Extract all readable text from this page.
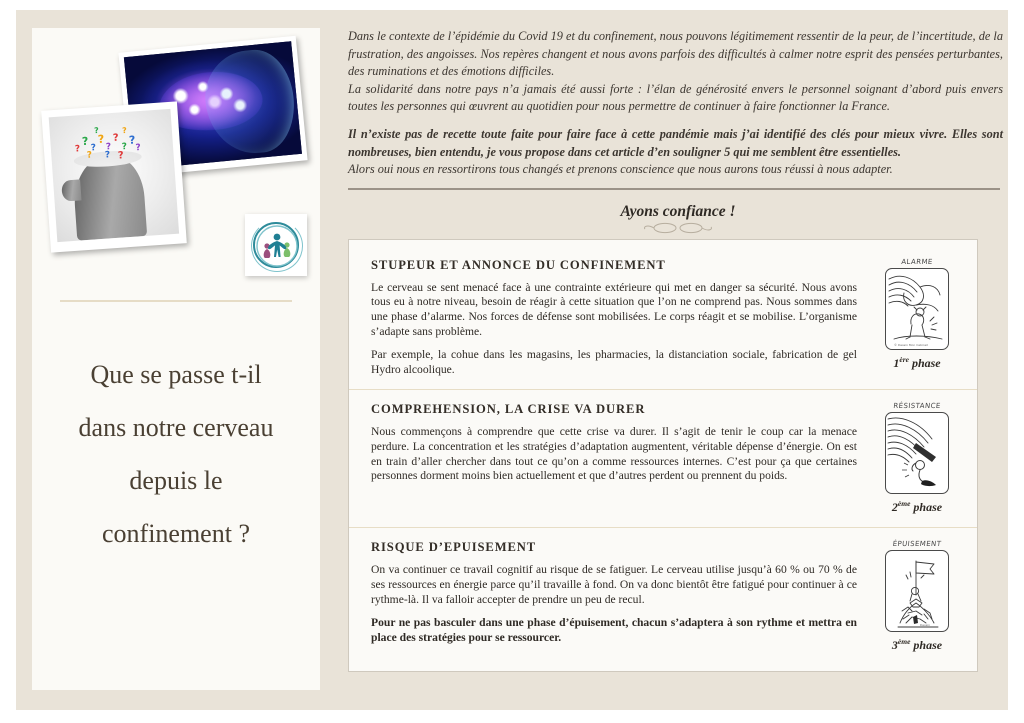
?
?
?
?
?
?
?
?
? ? ?
?
?	?
Que se passe t-il
dans notre cerveau
depuis le
confinement ?

Dans le contexte de l’épidémie du Covid 19 et du confinement, nous pouvons légitimement ressentir de la peur, de l’incertitude, de la frustration, des angoisses. Nos repères changent et nous avons parfois des difficultés à calmer notre esprit des pensées perturbantes, des ruminations et des émotions difficiles.

La solidarité dans notre pays n’a jamais été aussi forte : l’élan de générosité envers le personnel soignant d’abord puis envers toutes les personnes qui œuvrent au quotidien pour nous permettre de continuer à faire fonctionner la France.

Il n’existe pas de recette toute faite pour faire face à cette pandémie mais j’ai identifié des clés pour mieux vivre. Elles sont nombreuses, bien entendu, je vous propose dans cet article d’en souligner 5 qui me semblent être essentielles.

Alors oui nous en ressortirons tous changés et prenons conscience que nous aurons tous réussi à nous adapter.

Ayons confiance !
STUPEUR ET ANNONCE DU CONFINEMENT

Le cerveau se sent menacé face à une contrainte extérieure qui met en danger sa sécurité. Nous avons tous eu à notre niveau, besoin de réagir à cette situation que l’on ne comprend pas. Nous sommes dans une phase d’alarme. Nos forces de défense sont mobilisées. Le corps réagit et se mobilise. L’organisme s’adapte sans problème.

Par exemple, la cohue dans les magasins, les pharmacies, la distanciation sociale, fabrication de gel Hydro alcoolique.

ALARME
© Dessin Mon Cabinet
1ère phase
COMPREHENSION, LA CRISE VA DURER

Nous commençons à comprendre que cette crise va durer. Il s’agit de tenir le coup car la menace perdure. La concentration et les stratégies d’adaptation augmentent, véritable dépense d’énergie. On est en train d’aller chercher dans tout ce qu’on a comme ressources internes. C’est pour ça que certaines personnes dorment moins bien actuellement et que d’autres perdent ou prennent du poids.

RÉSISTANCE
2ème phase
RISQUE D’EPUISEMENT

On va continuer ce travail cognitif au risque de se fatiguer. Le cerveau utilise jusqu’à 60 % ou 70 % de ses ressources en énergie parce qu’il travaille à fond. On va donc bientôt être fatigué pour continuer à ce rythme-là. Il va falloir accepter de prendre un peu de recul.

Pour ne pas basculer dans une phase d’épuisement, chacun s’adaptera à son rythme et mettra en place des stratégies pour se ressourcer.

ÉPUISEMENT
Dessin
3ème phase
